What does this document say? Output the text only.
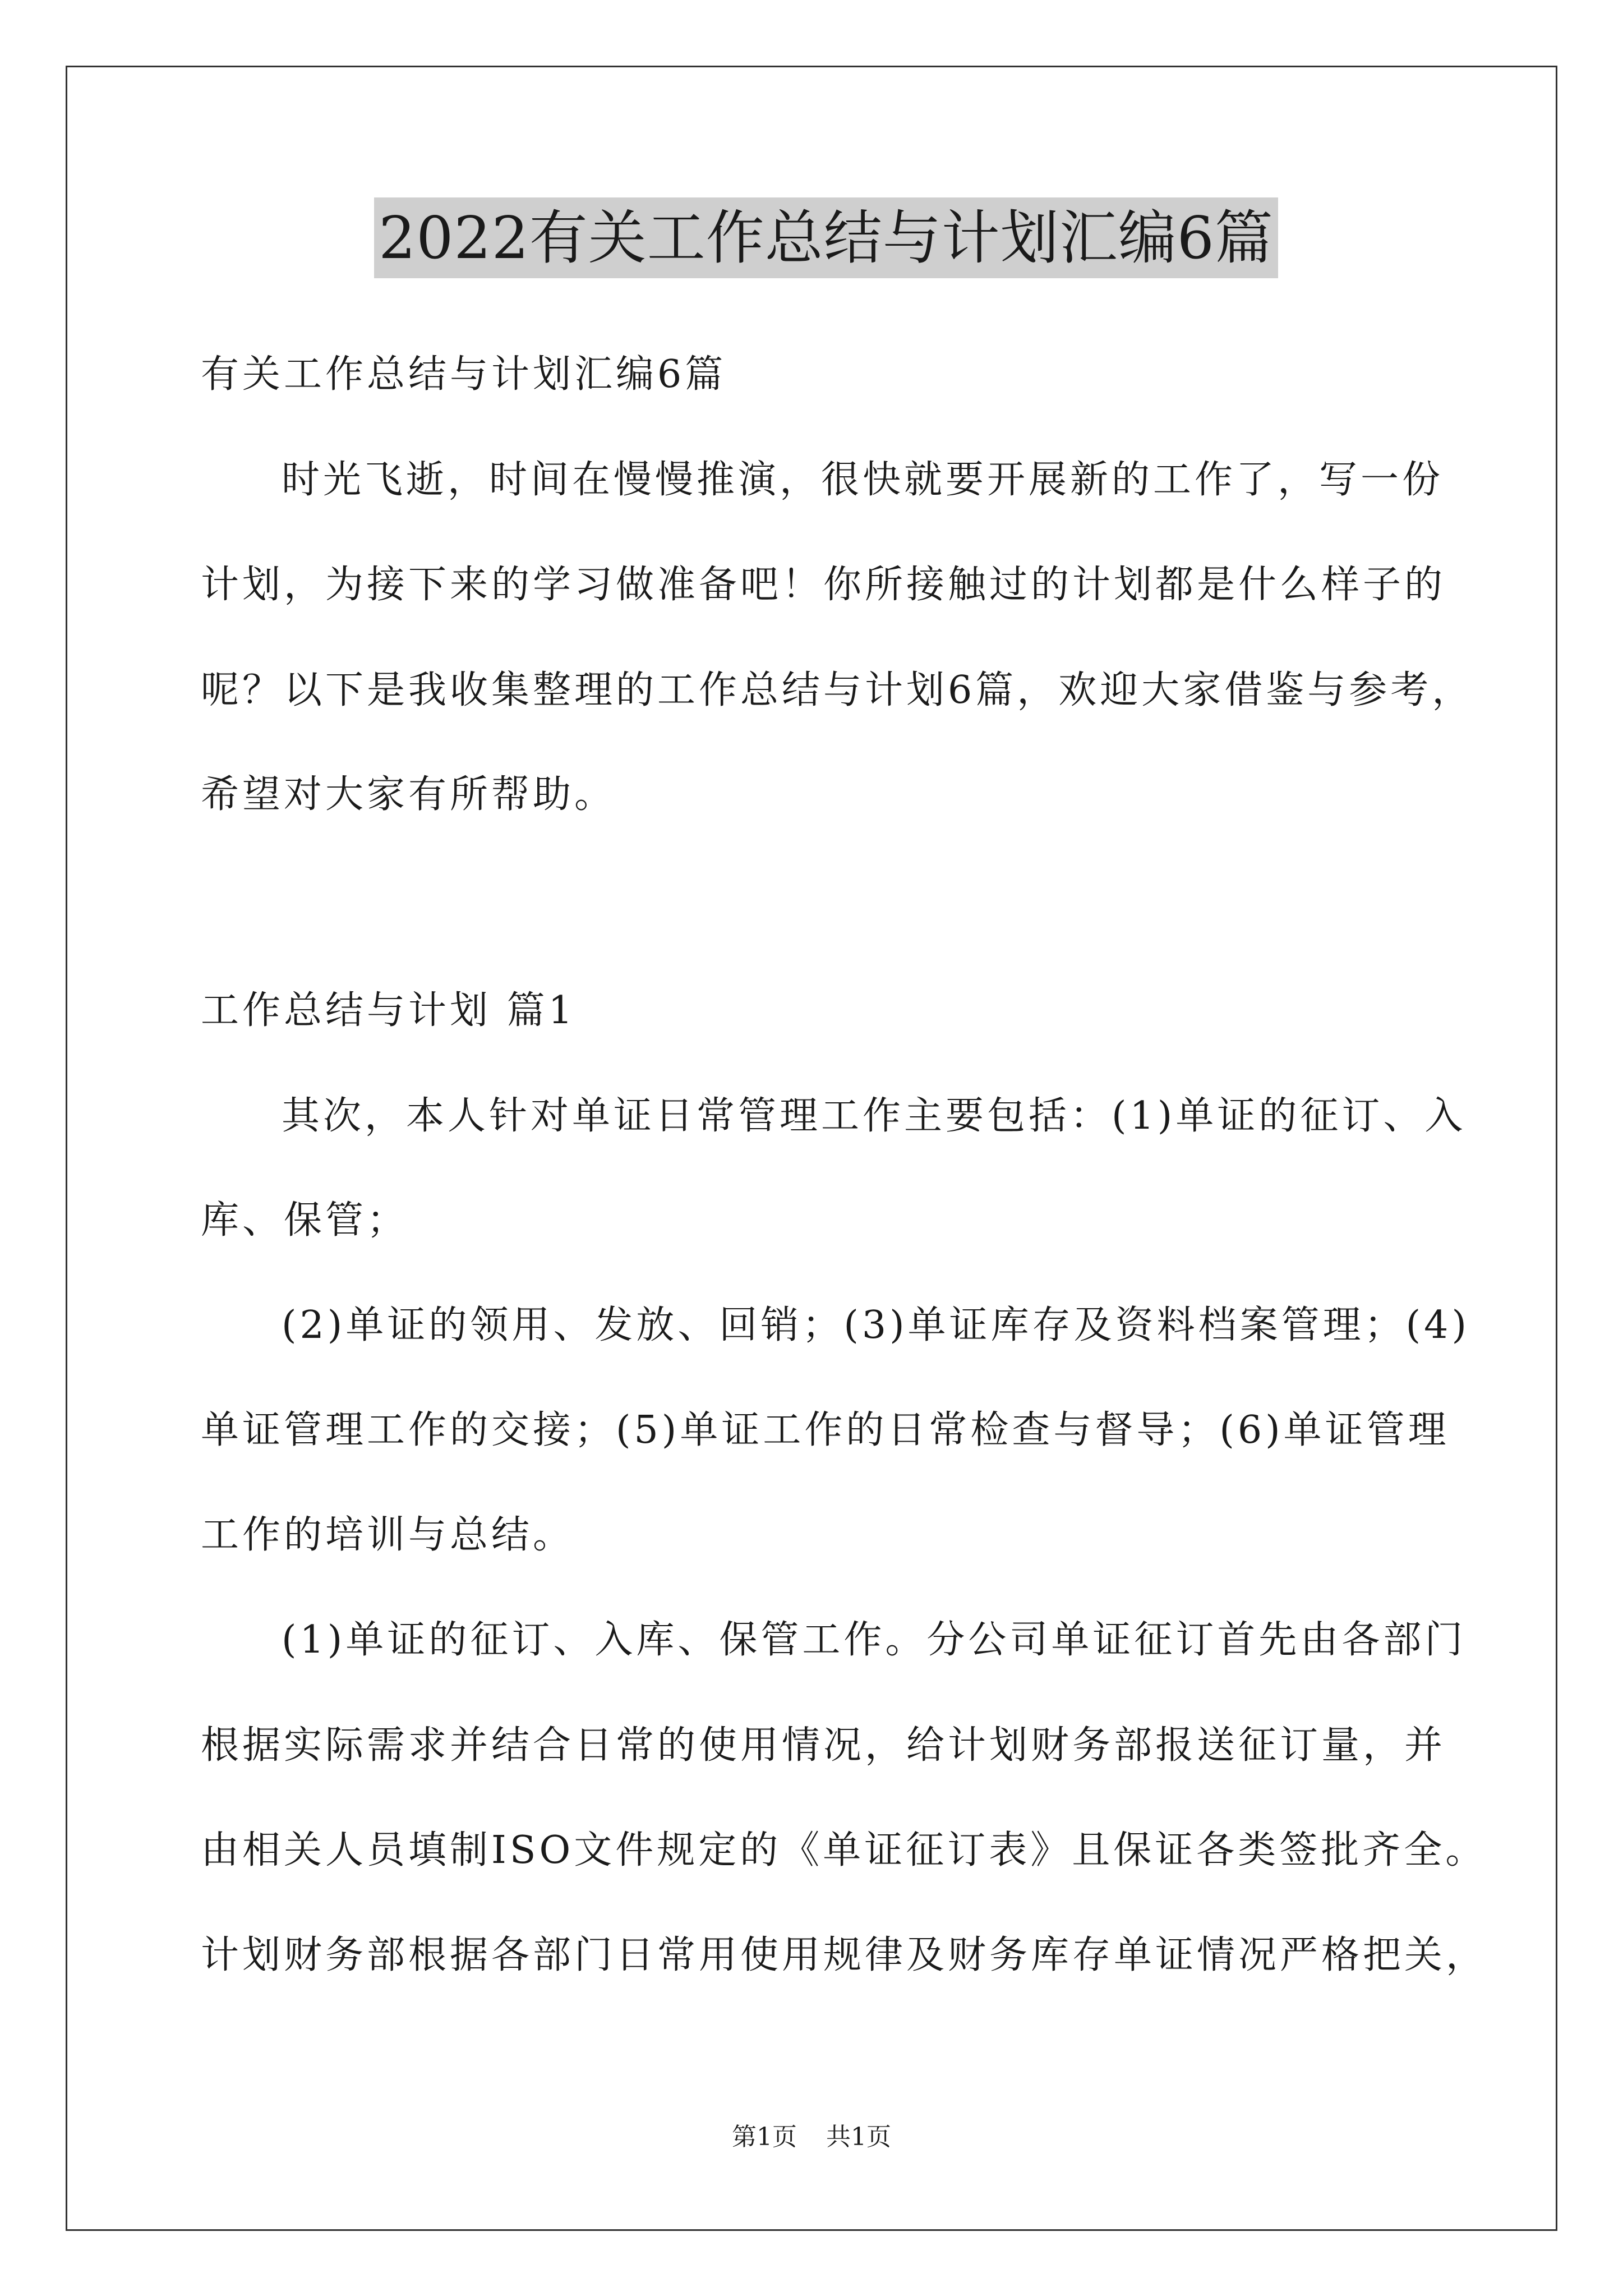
2022有关工作总结与计划汇编6篇
有关工作总结与计划汇编6篇
时光飞逝，时间在慢慢推演，很快就要开展新的工作了，写一份
计划，为接下来的学习做准备吧！你所接触过的计划都是什么样子的
呢？以下是我收集整理的工作总结与计划6篇，欢迎大家借鉴与参考，
希望对大家有所帮助。
工作总结与计划 篇1
其次，本人针对单证日常管理工作主要包括：(1)单证的征订、入
库、保管；
(2)单证的领用、发放、回销；(3)单证库存及资料档案管理；(4)
单证管理工作的交接；(5)单证工作的日常检查与督导；(6)单证管理
工作的培训与总结。
(1)单证的征订、入库、保管工作。分公司单证征订首先由各部门
根据实际需求并结合日常的使用情况，给计划财务部报送征订量，并
由相关人员填制ISO文件规定的《单证征订表》且保证各类签批齐全。
计划财务部根据各部门日常用使用规律及财务库存单证情况严格把关，
第1页 共1页
